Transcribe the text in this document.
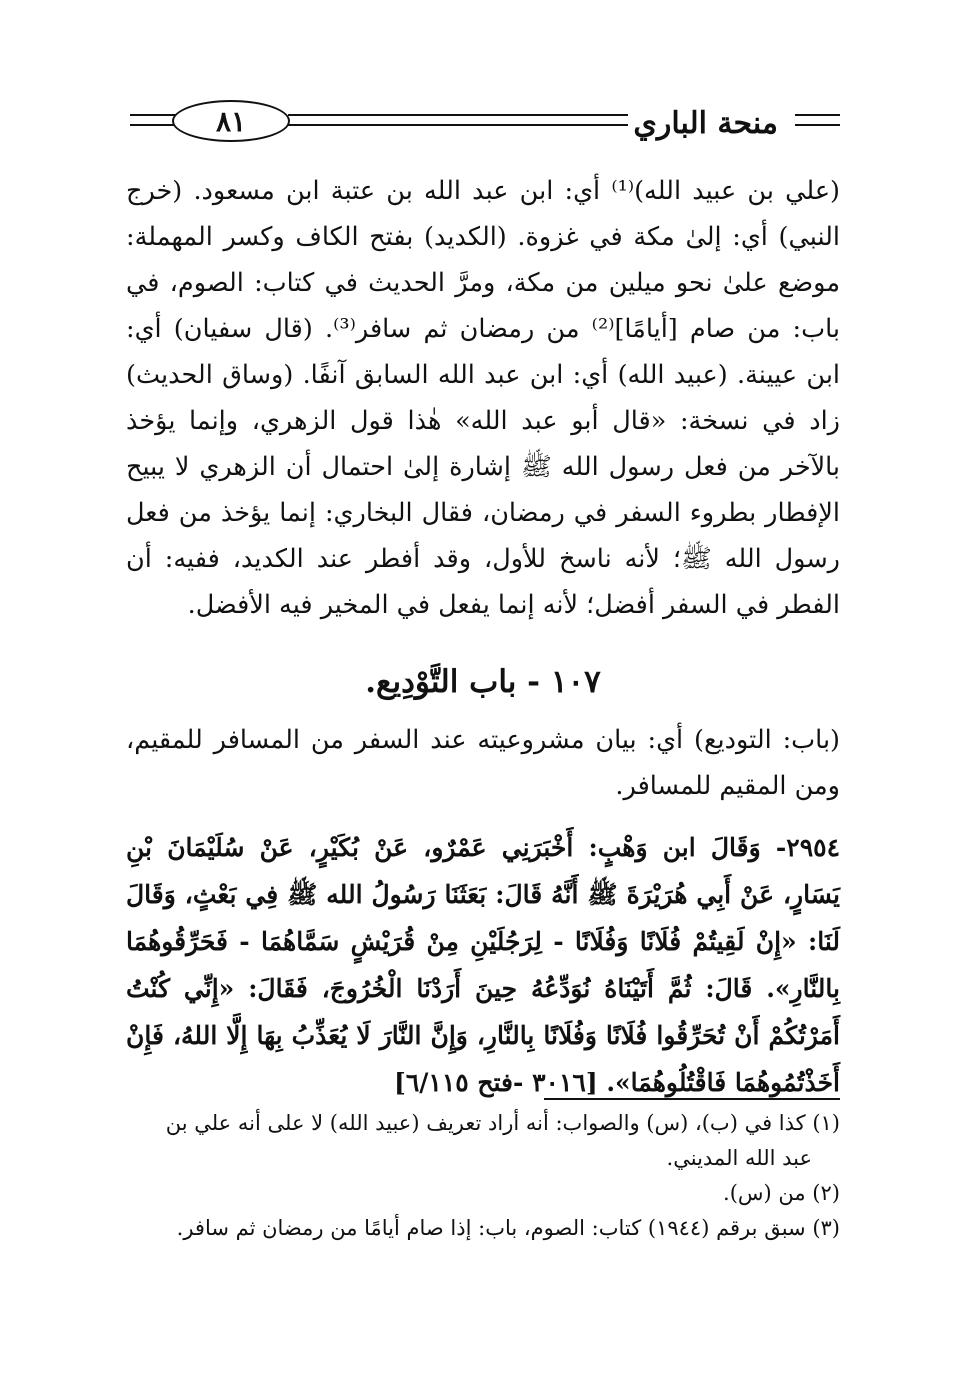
٨١	منحة الباري

(علي بن عبيد الله)⁽¹⁾ أي: ابن عبد الله بن عتبة ابن مسعود. (خرج النبي) أي: إلىٰ مكة في غزوة. (الكديد) بفتح الكاف وكسر المهملة: موضع علىٰ نحو ميلين من مكة، ومرَّ الحديث في كتاب: الصوم، في باب: من صام [أيامًا]⁽²⁾ من رمضان ثم سافر⁽³⁾. (قال سفيان) أي: ابن عيينة. (عبيد الله) أي: ابن عبد الله السابق آنفًا. (وساق الحديث) زاد في نسخة: «قال أبو عبد الله» هٰذا قول الزهري، وإنما يؤخذ بالآخر من فعل رسول الله ﷺ إشارة إلىٰ احتمال أن الزهري لا يبيح الإفطار بطروء السفر في رمضان، فقال البخاري: إنما يؤخذ من فعل رسول الله ﷺ؛ لأنه ناسخ للأول، وقد أفطر عند الكديد، ففيه: أن الفطر في السفر أفضل؛ لأنه إنما يفعل في المخير فيه الأفضل.

١٠٧ - باب التَّوْدِيع.

(باب: التوديع) أي: بيان مشروعيته عند السفر من المسافر للمقيم، ومن المقيم للمسافر.

٢٩٥٤- وَقَالَ ابن وَهْبٍ: أَخْبَرَنِي عَمْرٌو، عَنْ بُكَيْرٍ، عَنْ سُلَيْمَانَ بْنِ يَسَارٍ، عَنْ أَبِي هُرَيْرَةَ ﷺ أَنَّهُ قَالَ: بَعَثَنَا رَسُولُ الله ﷺ فِي بَعْثٍ، وَقَالَ لَنَا: «إِنْ لَقِيتُمْ فُلَانًا وَفُلَانًا - لِرَجُلَيْنِ مِنْ قُرَيْشٍ سَمَّاهُمَا - فَحَرِّقُوهُمَا بِالنَّارِ». قَالَ: ثُمَّ أَتَيْنَاهُ نُوَدِّعُهُ حِينَ أَرَدْنَا الْخُرُوجَ، فَقَالَ: «إِنِّي كُنْتُ أَمَرْتُكُمْ أَنْ تُحَرِّقُوا فُلَانًا وَفُلَانًا بِالنَّارِ، وَإِنَّ النَّارَ لَا يُعَذِّبُ بِهَا إِلَّا اللهُ، فَإِنْ أَخَذْتُمُوهُمَا فَاقْتُلُوهُمَا». [٣٠١٦ -فتح ٦/١١٥]

(١) كذا في (ب)، (س) والصواب: أنه أراد تعريف (عبيد الله) لا على أنه علي بن

عبد الله المديني.

(٢) من (س).

(٣) سبق برقم (١٩٤٤) كتاب: الصوم، باب: إذا صام أيامًا من رمضان ثم سافر.
